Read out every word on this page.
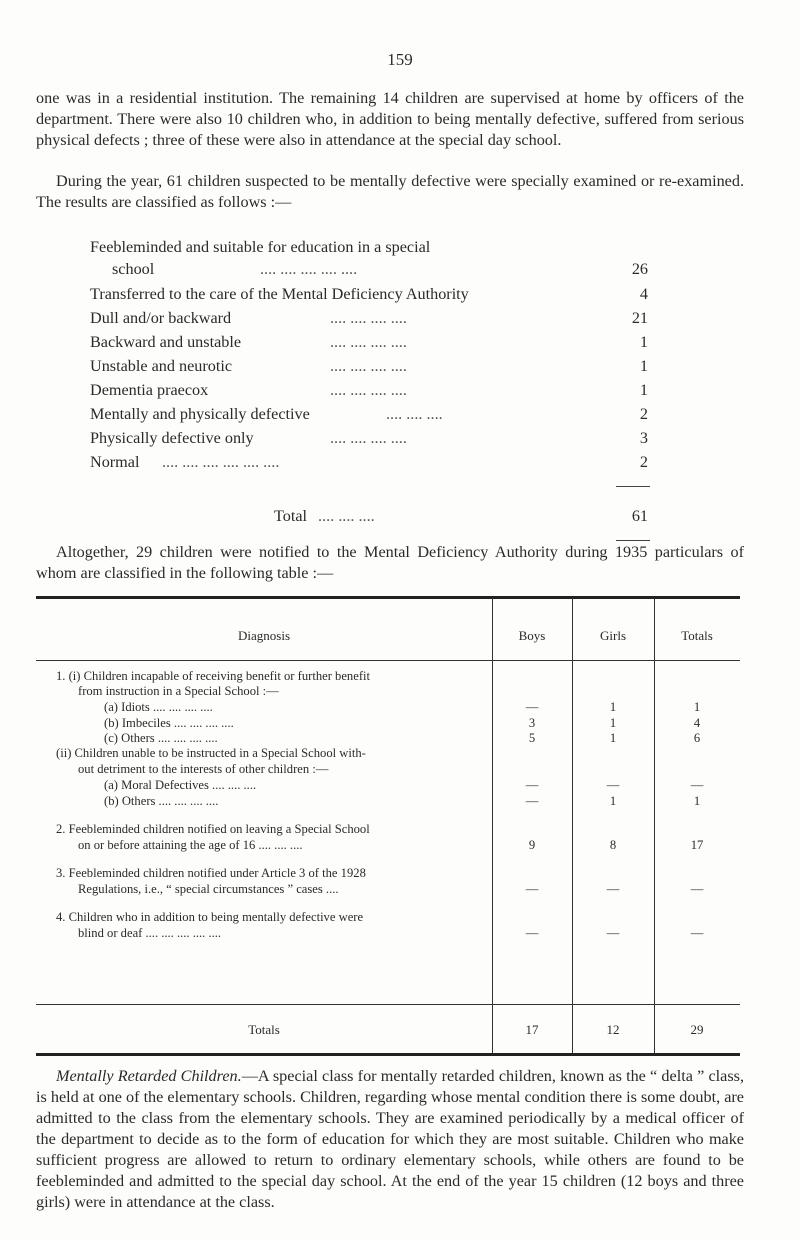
159
one was in a residential institution. The remaining 14 children are supervised at home by officers of the department. There were also 10 children who, in addition to being mentally defective, suffered from serious physical defects ; three of these were also in attendance at the special day school.
During the year, 61 children suspected to be mentally defective were specially examined or re-examined. The results are classified as follows :—
Feebleminded and suitable for education in a special
school	.... .... .... .... ....	26
Transferred to the care of the Mental Deficiency Authority	4
Dull and/or backward	.... .... .... ....	21
Backward and unstable	.... .... .... ....	1
Unstable and neurotic	.... .... .... ....	1
Dementia praecox	.... .... .... ....	1
Mentally and physically defective	.... .... ....	2
Physically defective only	.... .... .... ....	3
Normal .... .... .... .... .... ....	2
Total .... .... ....	61
Altogether, 29 children were notified to the Mental Deficiency Authority during 1935 particulars of whom are classified in the following table :—
Diagnosis	Boys	Girls	Totals
1. (i) Children incapable of receiving benefit or further benefit
from instruction in a Special School :—
(a) Idiots .... .... .... ....	—	1	1
(b) Imbeciles .... .... .... ....	3	1	4
(c) Others .... .... .... ....	5	1	6
(ii) Children unable to be instructed in a Special School with-
out detriment to the interests of other children :—
(a) Moral Defectives .... .... ....	—	—	—
(b) Others .... .... .... ....	—	1	1
2. Feebleminded children notified on leaving a Special School
on or before attaining the age of 16 .... .... ....	9	8	17
3. Feebleminded children notified under Article 3 of the 1928
Regulations, i.e., “ special circumstances ” cases ....	—	—	—
4. Children who in addition to being mentally defective were
blind or deaf .... .... .... .... ....	—	—	—
Totals	17	12	29
Mentally Retarded Children.—A special class for mentally retarded children, known as the “ delta ” class, is held at one of the elementary schools. Children, regarding whose mental condition there is some doubt, are admitted to the class from the elementary schools. They are examined periodically by a medical officer of the department to decide as to the form of education for which they are most suitable. Children who make sufficient progress are allowed to return to ordinary elementary schools, while others are found to be feebleminded and admitted to the special day school. At the end of the year 15 children (12 boys and three girls) were in attendance at the class.
